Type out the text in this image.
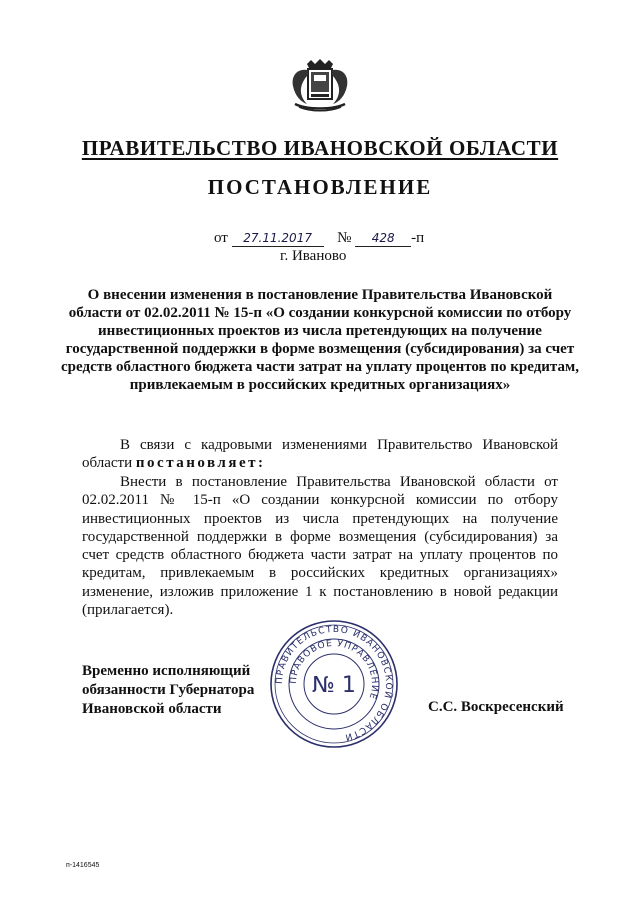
ПРАВИТЕЛЬСТВО ИВАНОВСКОЙ ОБЛАСТИ
ПОСТАНОВЛЕНИЕ
от 27.11.2017 № 428 -п
г. Иваново
О внесении изменения в постановление Правительства Ивановской области от 02.02.2011 № 15-п «О создании конкурсной комиссии по отбору инвестиционных проектов из числа претендующих на получение государственной поддержки в форме возмещения (субсидирования) за счет средств областного бюджета части затрат на уплату процентов по кредитам, привлекаемым в российских кредитных организациях»
В связи с кадровыми изменениями Правительство Ивановской области постановляет:
Внести в постановление Правительства Ивановской области от 02.02.2011 № 15-п «О создании конкурсной комиссии по отбору инвестиционных проектов из числа претендующих на получение государственной поддержки в форме возмещения (субсидирования) за счет средств областного бюджета части затрат на уплату процентов по кредитам, привлекаемым в российских кредитных организациях» изменение, изложив приложение 1 к постановлению в новой редакции (прилагается).
Временно исполняющий
обязанности Губернатора
Ивановской области
ПРАВИТЕЛЬСТВО ИВАНОВСКОЙ ОБЛАСТИ
ПРАВОВОЕ УПРАВЛЕНИЕ
№ 1
С.С. Воскресенский
п-1416545
